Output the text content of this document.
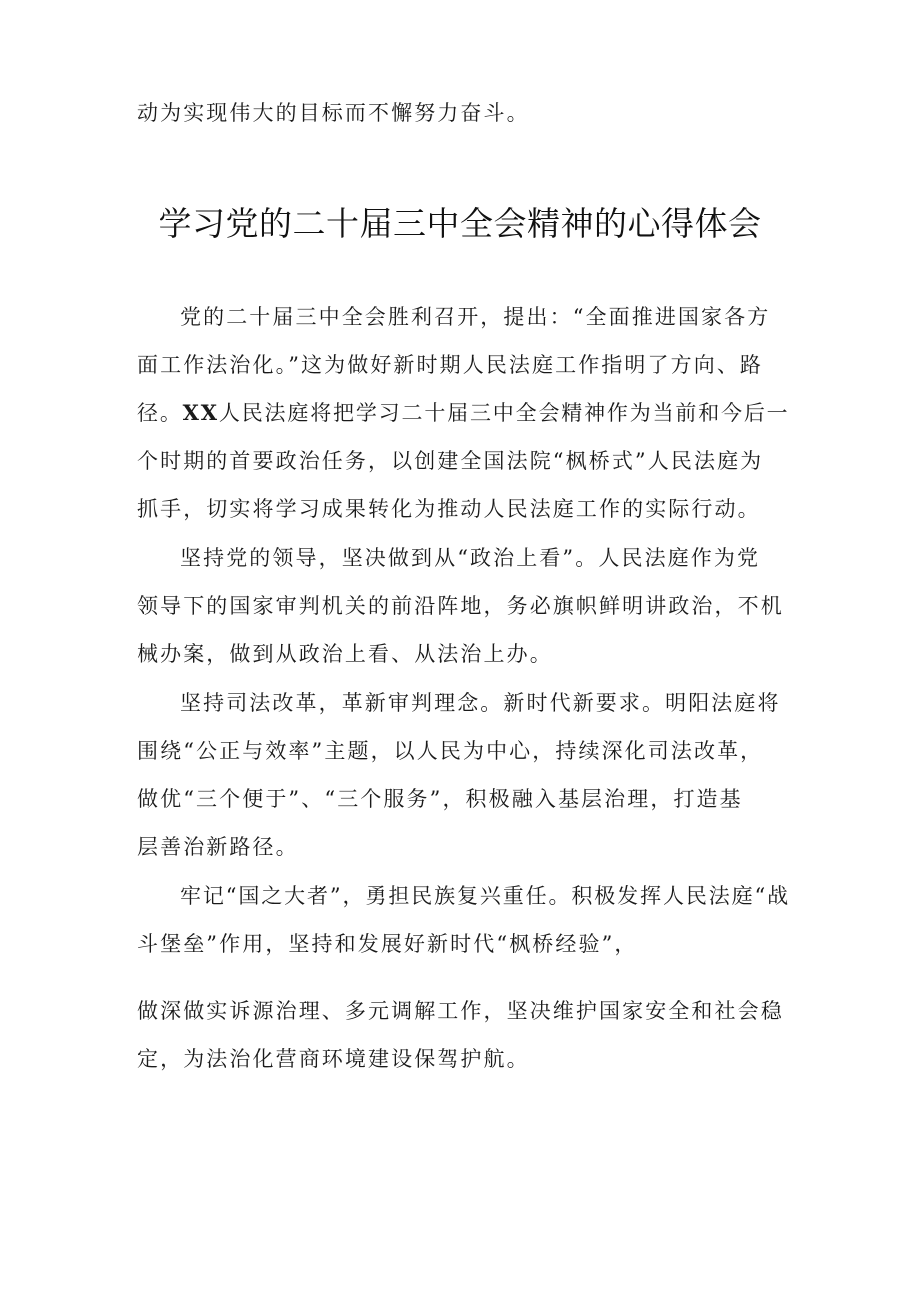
动为实现伟大的目标而不懈努力奋斗。
学习党的二十届三中全会精神的心得体会
党的二十届三中全会胜利召开，提出：“全面推进国家各方
面工作法治化。”这为做好新时期人民法庭工作指明了方向、路
径。XX人民法庭将把学习二十届三中全会精神作为当前和今后一
个时期的首要政治任务，以创建全国法院“枫桥式”人民法庭为
抓手，切实将学习成果转化为推动人民法庭工作的实际行动。
坚持党的领导，坚决做到从“政治上看”。人民法庭作为党
领导下的国家审判机关的前沿阵地，务必旗帜鲜明讲政治，不机
械办案，做到从政治上看、从法治上办。
坚持司法改革，革新审判理念。新时代新要求。明阳法庭将
围绕“公正与效率”主题，以人民为中心，持续深化司法改革，
做优“三个便于”、“三个服务”，积极融入基层治理，打造基
层善治新路径。
牢记“国之大者”，勇担民族复兴重任。积极发挥人民法庭“战
斗堡垒”作用，坚持和发展好新时代“枫桥经验”，
做深做实诉源治理、多元调解工作，坚决维护国家安全和社会稳
定，为法治化营商环境建设保驾护航。
